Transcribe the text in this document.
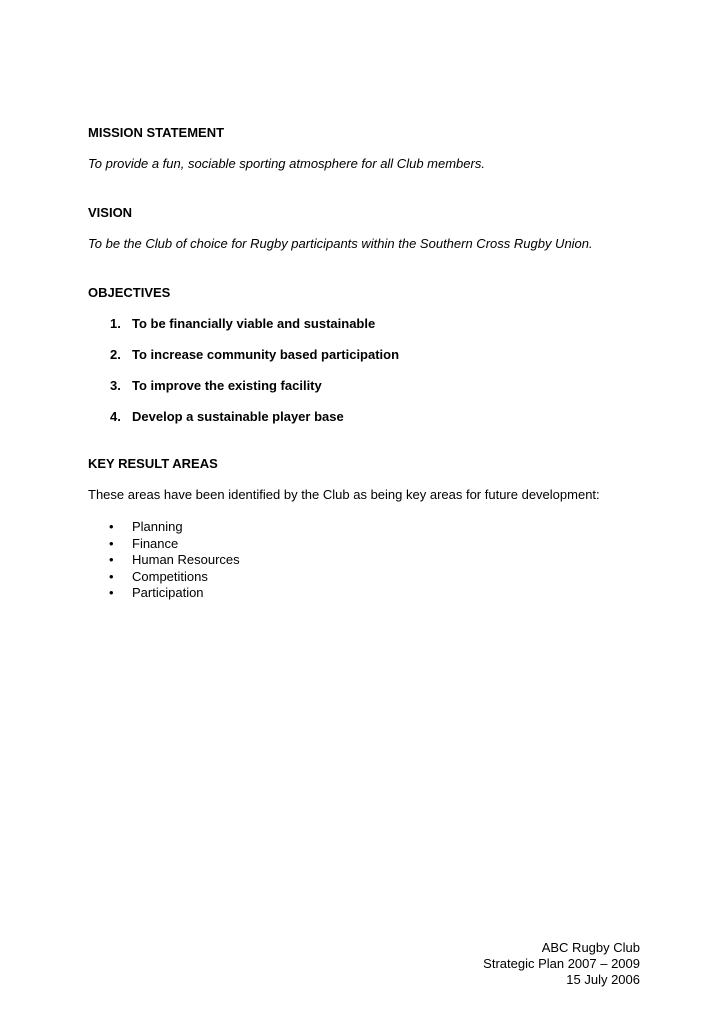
MISSION STATEMENT
To provide a fun, sociable sporting atmosphere for all Club members.
VISION
To be the Club of choice for Rugby participants within the Southern Cross Rugby Union.
OBJECTIVES
1. To be financially viable and sustainable
2. To increase community based participation
3. To improve the existing facility
4. Develop a sustainable player base
KEY RESULT AREAS
These areas have been identified by the Club as being key areas for future development:
• Planning
• Finance
• Human Resources
• Competitions
• Participation
ABC Rugby Club
Strategic Plan 2007 – 2009
15 July 2006
